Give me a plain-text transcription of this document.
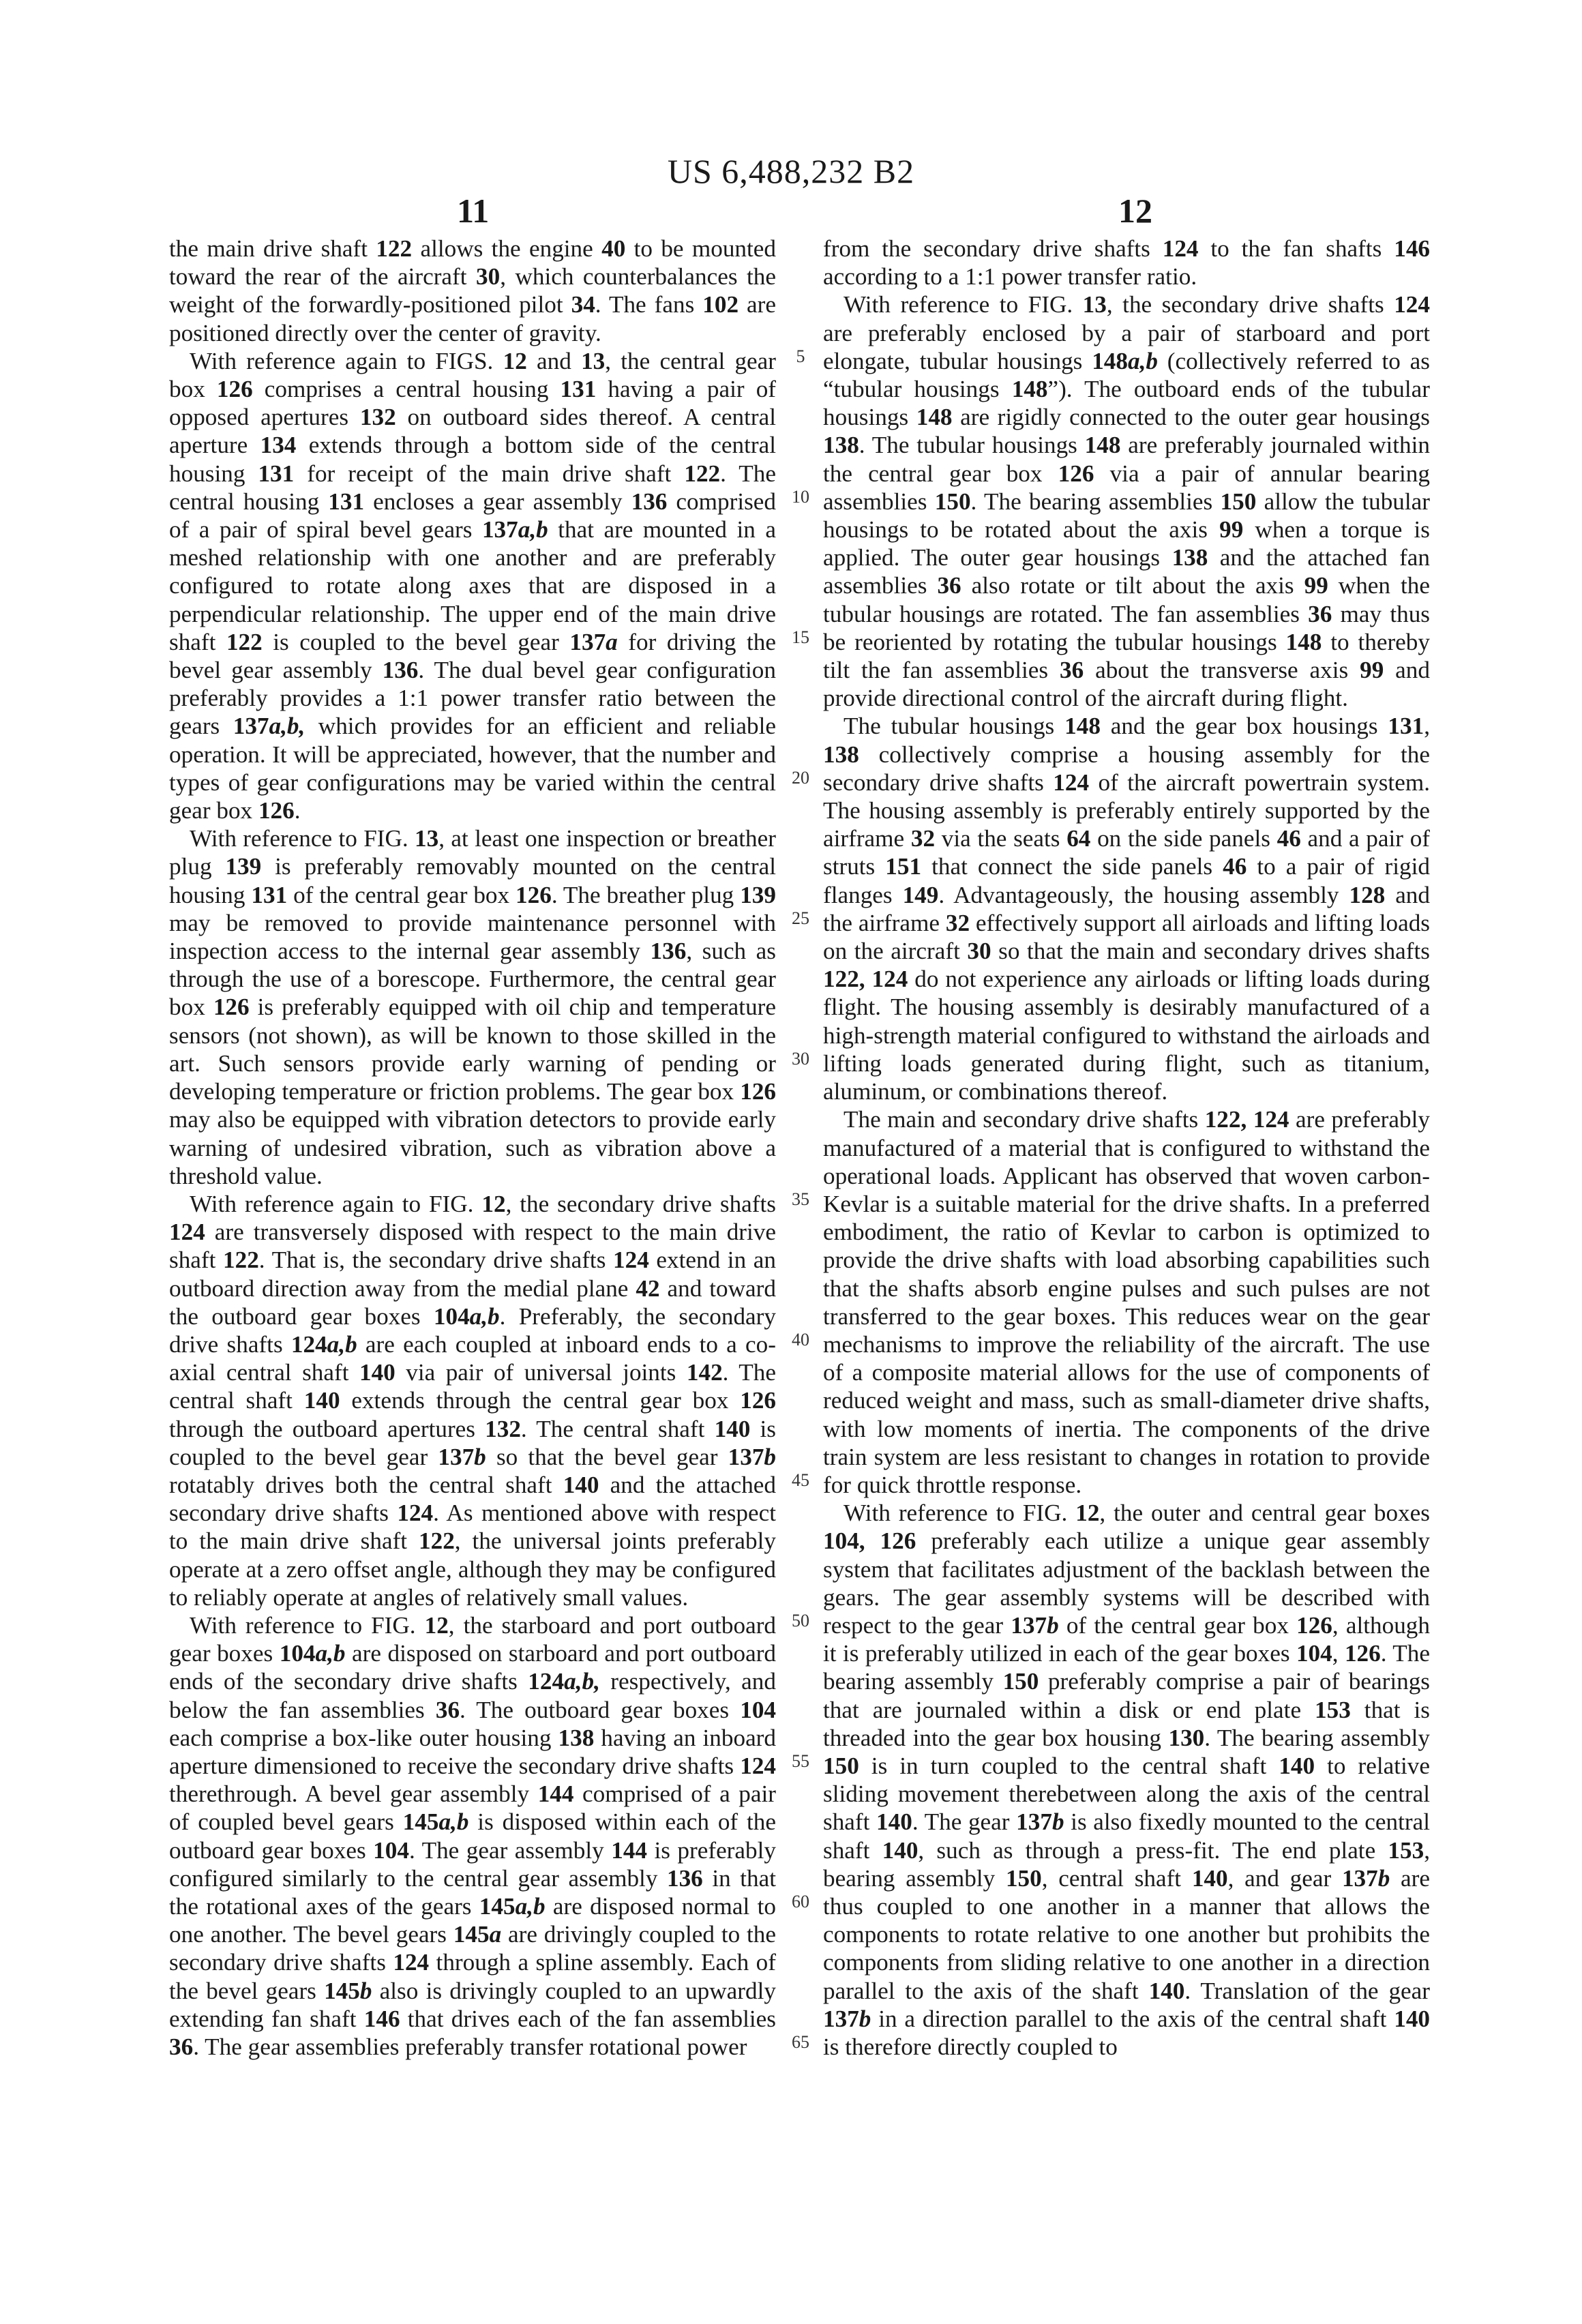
US 6,488,232 B2
11	12

the main drive shaft 122 allows the engine 40 to be mounted toward the rear of the aircraft 30, which counterbalances the weight of the forwardly-positioned pilot 34. The fans 102 are positioned directly over the center of gravity.

With reference again to FIGS. 12 and 13, the central gear box 126 comprises a central housing 131 having a pair of opposed apertures 132 on outboard sides thereof. A central aperture 134 extends through a bottom side of the central housing 131 for receipt of the main drive shaft 122. The central housing 131 encloses a gear assembly 136 comprised of a pair of spiral bevel gears 137a,b that are mounted in a meshed relationship with one another and are preferably configured to rotate along axes that are disposed in a perpendicular relationship. The upper end of the main drive shaft 122 is coupled to the bevel gear 137a for driving the bevel gear assembly 136. The dual bevel gear configuration preferably provides a 1:1 power transfer ratio between the gears 137a,b, which provides for an efficient and reliable operation. It will be appreciated, however, that the number and types of gear configurations may be varied within the central gear box 126.

With reference to FIG. 13, at least one inspection or breather plug 139 is preferably removably mounted on the central housing 131 of the central gear box 126. The breather plug 139 may be removed to provide maintenance personnel with inspection access to the internal gear assembly 136, such as through the use of a borescope. Furthermore, the central gear box 126 is preferably equipped with oil chip and temperature sensors (not shown), as will be known to those skilled in the art. Such sensors provide early warning of pending or developing temperature or friction problems. The gear box 126 may also be equipped with vibration detectors to provide early warning of undesired vibration, such as vibration above a threshold value.

With reference again to FIG. 12, the secondary drive shafts 124 are transversely disposed with respect to the main drive shaft 122. That is, the secondary drive shafts 124 extend in an outboard direction away from the medial plane 42 and toward the outboard gear boxes 104a,b. Preferably, the secondary drive shafts 124a,b are each coupled at inboard ends to a co-axial central shaft 140 via pair of universal joints 142. The central shaft 140 extends through the central gear box 126 through the outboard apertures 132. The central shaft 140 is coupled to the bevel gear 137b so that the bevel gear 137b rotatably drives both the central shaft 140 and the attached secondary drive shafts 124. As mentioned above with respect to the main drive shaft 122, the universal joints preferably operate at a zero offset angle, although they may be configured to reliably operate at angles of relatively small values.

With reference to FIG. 12, the starboard and port outboard gear boxes 104a,b are disposed on starboard and port outboard ends of the secondary drive shafts 124a,b, respectively, and below the fan assemblies 36. The outboard gear boxes 104 each comprise a box-like outer housing 138 having an inboard aperture dimensioned to receive the secondary drive shafts 124 therethrough. A bevel gear assembly 144 comprised of a pair of coupled bevel gears 145a,b is disposed within each of the outboard gear boxes 104. The gear assembly 144 is preferably configured similarly to the central gear assembly 136 in that the rotational axes of the gears 145a,b are disposed normal to one another. The bevel gears 145a are drivingly coupled to the secondary drive shafts 124 through a spline assembly. Each of the bevel gears 145b also is drivingly coupled to an upwardly extending fan shaft 146 that drives each of the fan assemblies 36. The gear assemblies preferably transfer rotational power

5
10
15
20
25
30
35
40
45
50
55
60
65

from the secondary drive shafts 124 to the fan shafts 146 according to a 1:1 power transfer ratio.

With reference to FIG. 13, the secondary drive shafts 124 are preferably enclosed by a pair of starboard and port elongate, tubular housings 148a,b (collectively referred to as “tubular housings 148”). The outboard ends of the tubular housings 148 are rigidly connected to the outer gear housings 138. The tubular housings 148 are preferably journaled within the central gear box 126 via a pair of annular bearing assemblies 150. The bearing assemblies 150 allow the tubular housings to be rotated about the axis 99 when a torque is applied. The outer gear housings 138 and the attached fan assemblies 36 also rotate or tilt about the axis 99 when the tubular housings are rotated. The fan assemblies 36 may thus be reoriented by rotating the tubular housings 148 to thereby tilt the fan assemblies 36 about the transverse axis 99 and provide directional control of the aircraft during flight.

The tubular housings 148 and the gear box housings 131, 138 collectively comprise a housing assembly for the secondary drive shafts 124 of the aircraft powertrain system. The housing assembly is preferably entirely supported by the airframe 32 via the seats 64 on the side panels 46 and a pair of struts 151 that connect the side panels 46 to a pair of rigid flanges 149. Advantageously, the housing assembly 128 and the airframe 32 effectively support all airloads and lifting loads on the aircraft 30 so that the main and secondary drives shafts 122, 124 do not experience any airloads or lifting loads during flight. The housing assembly is desirably manufactured of a high-strength material configured to withstand the airloads and lifting loads generated during flight, such as titanium, aluminum, or combinations thereof.

The main and secondary drive shafts 122, 124 are preferably manufactured of a material that is configured to withstand the operational loads. Applicant has observed that woven carbon-Kevlar is a suitable material for the drive shafts. In a preferred embodiment, the ratio of Kevlar to carbon is optimized to provide the drive shafts with load absorbing capabilities such that the shafts absorb engine pulses and such pulses are not transferred to the gear boxes. This reduces wear on the gear mechanisms to improve the reliability of the aircraft. The use of a composite material allows for the use of components of reduced weight and mass, such as small-diameter drive shafts, with low moments of inertia. The components of the drive train system are less resistant to changes in rotation to provide for quick throttle response.

With reference to FIG. 12, the outer and central gear boxes 104, 126 preferably each utilize a unique gear assembly system that facilitates adjustment of the backlash between the gears. The gear assembly systems will be described with respect to the gear 137b of the central gear box 126, although it is preferably utilized in each of the gear boxes 104, 126. The bearing assembly 150 preferably comprise a pair of bearings that are journaled within a disk or end plate 153 that is threaded into the gear box housing 130. The bearing assembly 150 is in turn coupled to the central shaft 140 to relative sliding movement therebetween along the axis of the central shaft 140. The gear 137b is also fixedly mounted to the central shaft 140, such as through a press-fit. The end plate 153, bearing assembly 150, central shaft 140, and gear 137b are thus coupled to one another in a manner that allows the components to rotate relative to one another but prohibits the components from sliding relative to one another in a direction parallel to the axis of the shaft 140. Translation of the gear 137b in a direction parallel to the axis of the central shaft 140 is therefore directly coupled to
